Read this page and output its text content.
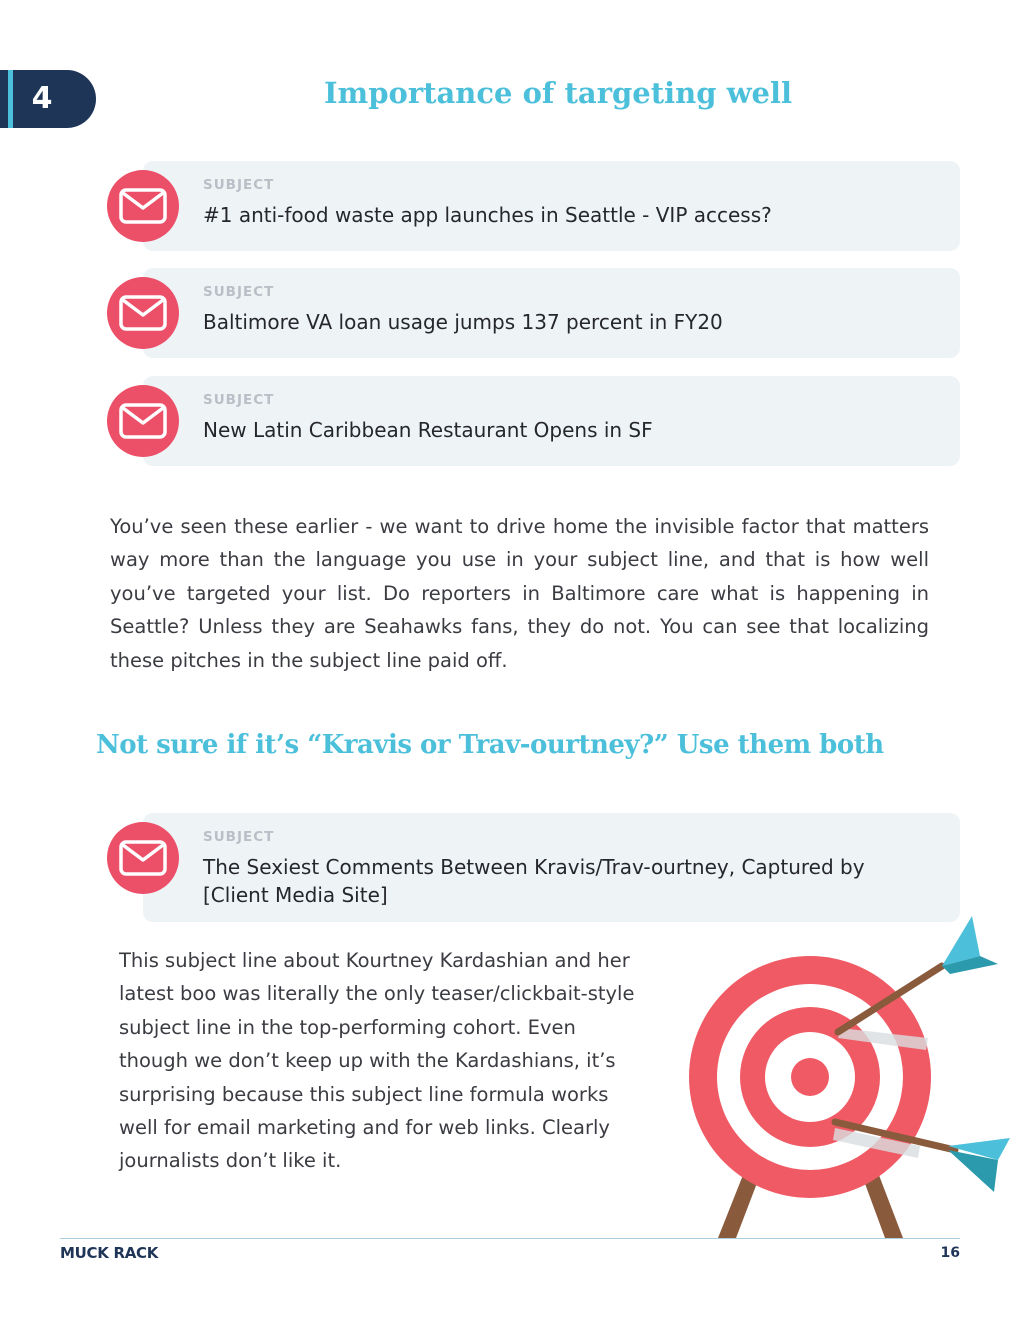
4	Importance of targeting well
SUBJECT
#1 anti-food waste app launches in Seattle - VIP access?
SUBJECT
Baltimore VA loan usage jumps 137 percent in FY20
SUBJECT
New Latin Caribbean Restaurant Opens in SF
You’ve seen these earlier - we want to drive home the invisible factor that matters way more than the language you use in your subject line, and that is how well you’ve targeted your list. Do reporters in Baltimore care what is happening in Seattle? Unless they are Seahawks fans, they do not. You can see that localizing these pitches in the subject line paid off.
Not sure if it’s “Kravis or Trav-ourtney?” Use them both
SUBJECT
The Sexiest Comments Between Kravis/Trav-ourtney, Captured by [Client Media Site]
This subject line about Kourtney Kardashian and her latest boo was literally the only teaser/clickbait-style subject line in the top-performing cohort. Even though we don’t keep up with the Kardashians, it’s surprising because this subject line formula works well for email marketing and for web links. Clearly journalists don’t like it.
MUCK RACK	16
